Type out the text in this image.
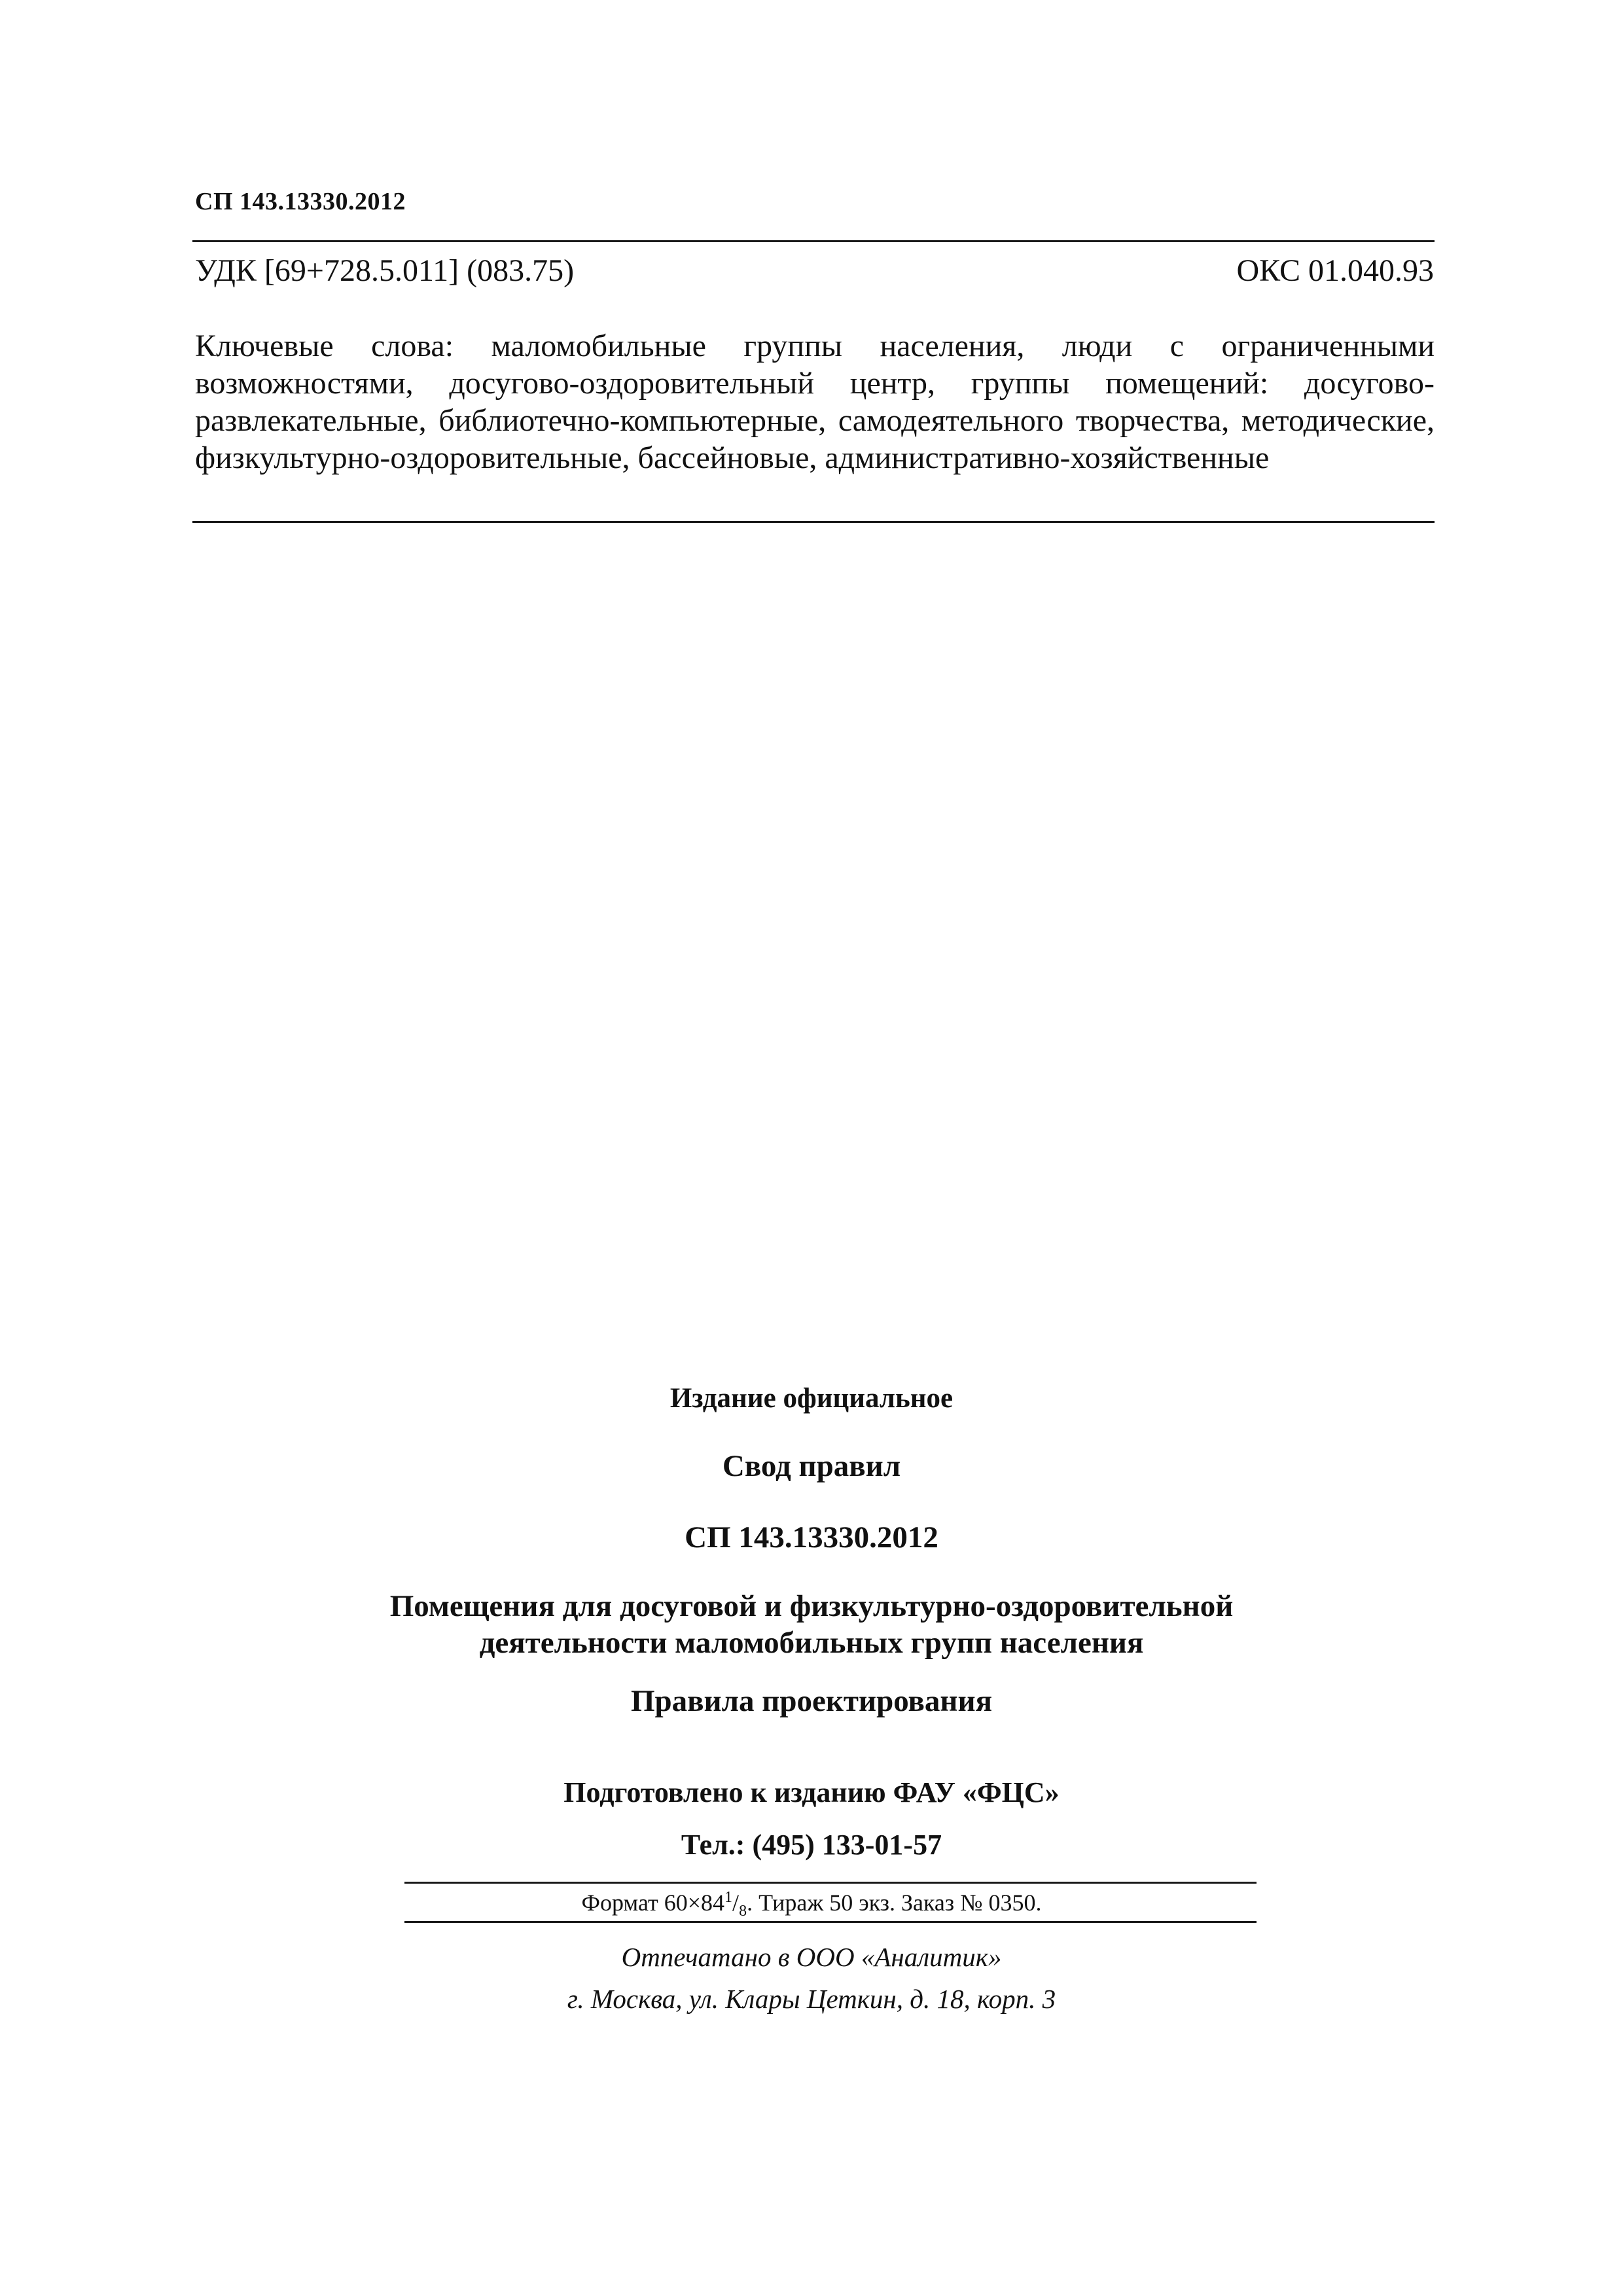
СП 143.13330.2012
УДК [69+728.5.011] (083.75)	ОКС 01.040.93
Ключевые слова: маломобильные группы населения, люди с ограниченными возможностями, досугово-оздоровительный центр, группы помещений: досугово-развлекательные, библиотечно-компьютерные, самодеятельного творчества, методические, физкультурно-оздоровительные, бассейновые, административно-хозяйственные
Издание официальное
Свод правил
СП 143.13330.2012
Помещения для досуговой и физкультурно-оздоровительной
деятельности маломобильных групп населения
Правила проектирования
Подготовлено к изданию ФАУ «ФЦС»
Тел.: (495) 133-01-57
Формат $60\times 84^1/_8$. Тираж 50 экз. Заказ № 0350.
Отпечатано в ООО «Аналитик»
г. Москва, ул. Клары Цеткин, д. 18, корп. 3
